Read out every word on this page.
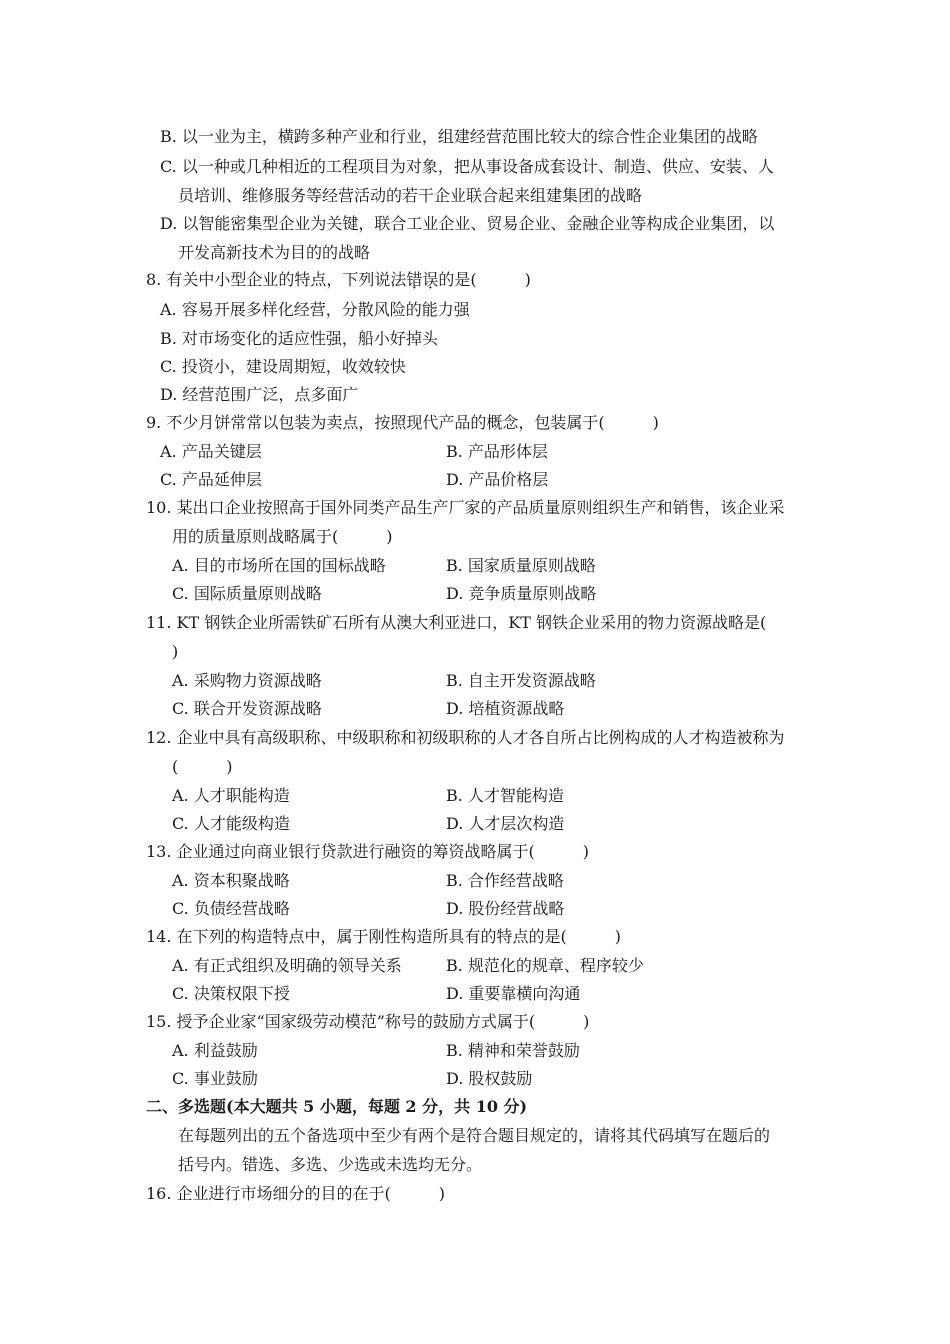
B. 以一业为主，横跨多种产业和行业，组建经营范围比较大的综合性企业集团的战略
C. 以一种或几种相近的工程项目为对象，把从事设备成套设计、制造、供应、安装、人
员培训、维修服务等经营活动的若干企业联合起来组建集团的战略
D. 以智能密集型企业为关键，联合工业企业、贸易企业、金融企业等构成企业集团，以
开发高新技术为目的的战略
8. 有关中小型企业的特点，下列说法错误的是(　　　)
A. 容易开展多样化经营，分散风险的能力强
B. 对市场变化的适应性强，船小好掉头
C. 投资小，建设周期短，收效较快
D. 经营范围广泛，点多面广
9. 不少月饼常常以包装为卖点，按照现代产品的概念，包装属于(　　　)
A. 产品关键层	B. 产品形体层
C. 产品延伸层	D. 产品价格层
10. 某出口企业按照高于国外同类产品生产厂家的产品质量原则组织生产和销售，该企业采
用的质量原则战略属于(　　　)
A. 目的市场所在国的国标战略	B. 国家质量原则战略
C. 国际质量原则战略	D. 竞争质量原则战略
11. KT 钢铁企业所需铁矿石所有从澳大利亚进口，KT 钢铁企业采用的物力资源战略是(
)
A. 采购物力资源战略	B. 自主开发资源战略
C. 联合开发资源战略	D. 培植资源战略
12. 企业中具有高级职称、中级职称和初级职称的人才各自所占比例构成的人才构造被称为
(　　　)
A. 人才职能构造	B. 人才智能构造
C. 人才能级构造	D. 人才层次构造
13. 企业通过向商业银行贷款进行融资的筹资战略属于(　　　)
A. 资本积聚战略	B. 合作经营战略
C. 负债经营战略	D. 股份经营战略
14. 在下列的构造特点中，属于刚性构造所具有的特点的是(　　　)
A. 有正式组织及明确的领导关系	B. 规范化的规章、程序较少
C. 决策权限下授	D. 重要靠横向沟通
15. 授予企业家“国家级劳动模范”称号的鼓励方式属于(　　　)
A. 利益鼓励	B. 精神和荣誉鼓励
C. 事业鼓励	D. 股权鼓励
二、多选题(本大题共 5 小题，每题 2 分，共 10 分)
在每题列出的五个备选项中至少有两个是符合题目规定的，请将其代码填写在题后的
括号内。错选、多选、少选或未选均无分。
16. 企业进行市场细分的目的在于(　　　)
